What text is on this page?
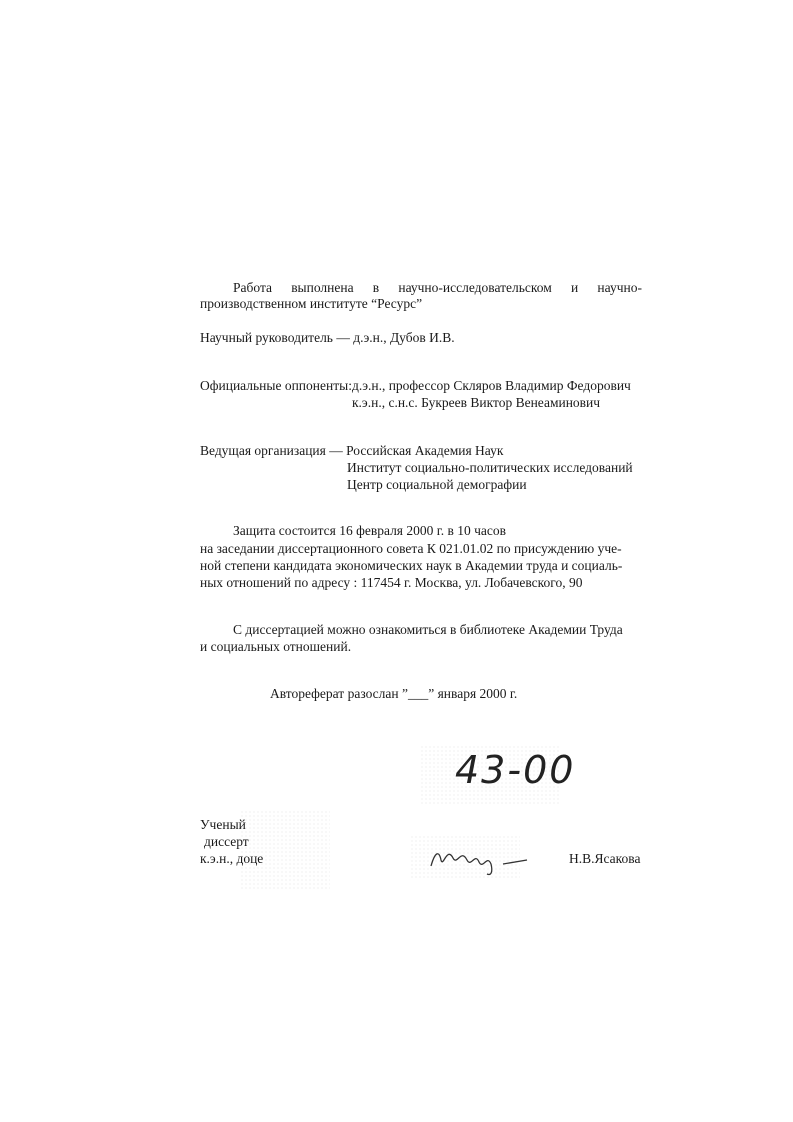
Работа выполнена в научно-исследовательском и научно-
производственном институте “Ресурс”
Научный руководитель — д.э.н., Дубов И.В.
Официальные оппоненты:д.э.н., профессор Скляров Владимир Федорович
к.э.н., с.н.с. Букреев Виктор Венеаминович
Ведущая организация — Российская Академия Наук
Институт социально-политических исследований
Центр социальной демографии
Защита состоится 16 февраля 2000 г. в 10 часов
на заседании диссертационного совета К 021.01.02 по присуждению уче-
ной степени кандидата экономических наук в Академии труда и социаль-
ных отношений по адресу : 117454 г. Москва, ул. Лобачевского, 90
С диссертацией можно ознакомиться в библиотеке Академии Труда
и социальных отношений.
Автореферат разослан ”___” января 2000 г.
43-00
Ученый
диссерт
к.э.н., доце	Н.В.Ясакова
